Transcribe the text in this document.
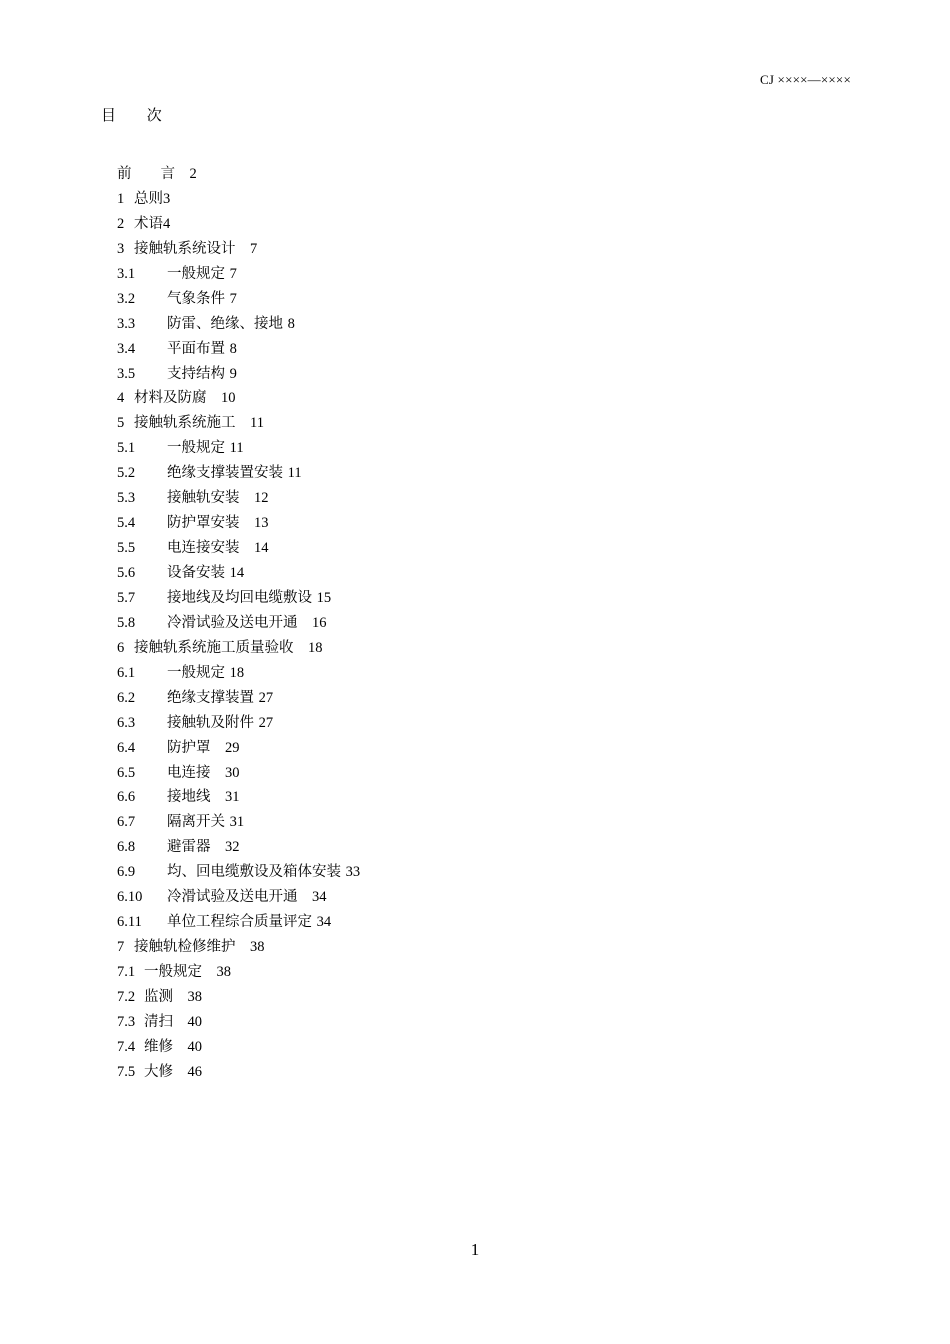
CJ ××××—××××
目 次
前　　言　2
1 总则3
2 术语4
3 接触轨系统设计　7
3.1 一般规定 7
3.2 气象条件 7
3.3 防雷、绝缘、接地 8
3.4 平面布置 8
3.5 支持结构 9
4 材料及防腐　10
5 接触轨系统施工　11
5.1 一般规定 11
5.2 绝缘支撑装置安装 11
5.3 接触轨安装　12
5.4 防护罩安装　13
5.5 电连接安装　14
5.6 设备安装 14
5.7 接地线及均回电缆敷设 15
5.8 冷滑试验及送电开通　16
6 接触轨系统施工质量验收　18
6.1 一般规定 18
6.2 绝缘支撑装置 27
6.3 接触轨及附件 27
6.4 防护罩　29
6.5 电连接　30
6.6 接地线　31
6.7 隔离开关 31
6.8 避雷器　32
6.9 均、回电缆敷设及箱体安装 33
6.10 冷滑试验及送电开通　34
6.11 单位工程综合质量评定 34
7 接触轨检修维护　38
7.1 一般规定　38
7.2 监测　38
7.3 清扫　40
7.4 维修　40
7.5 大修　46
1
